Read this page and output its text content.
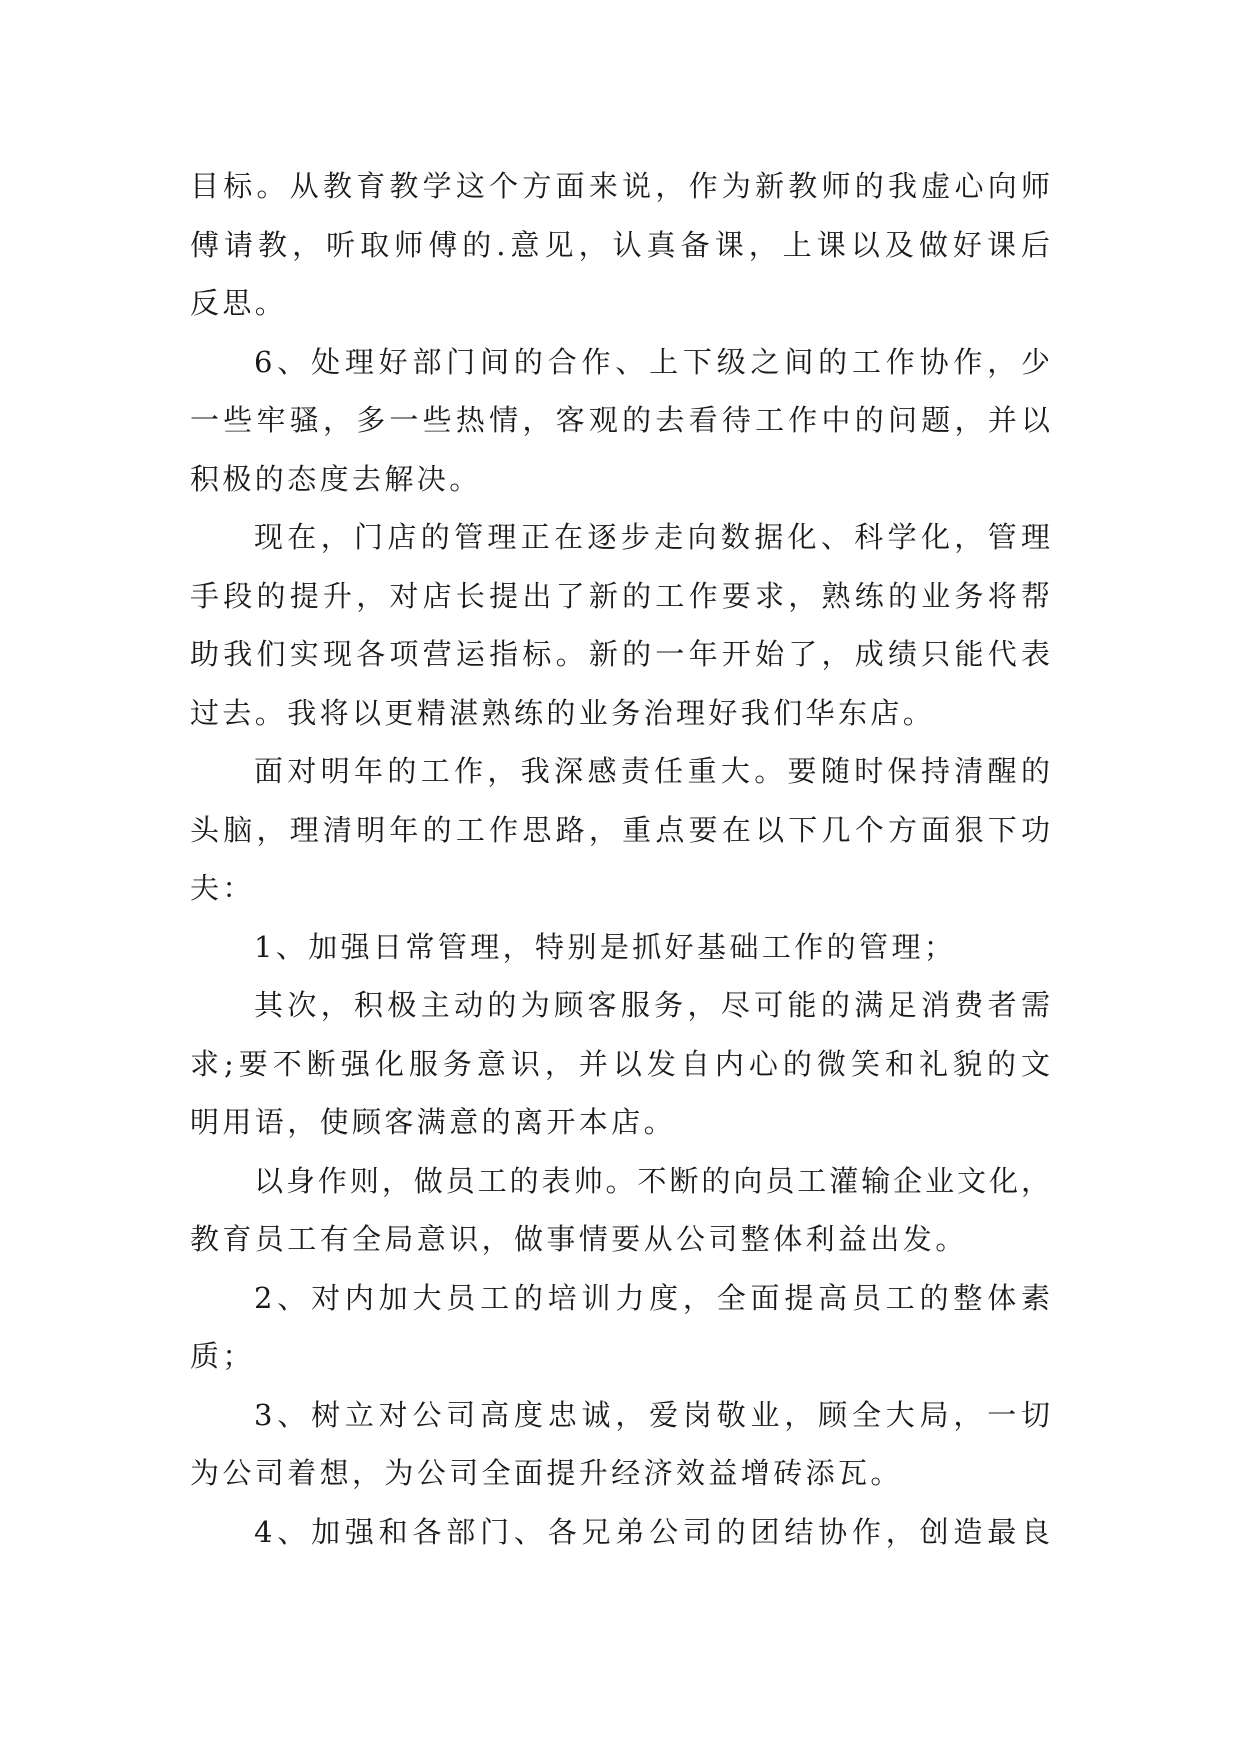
目标。从教育教学这个方面来说，作为新教师的我虚心向师
傅请教，听取师傅的.意见，认真备课，上课以及做好课后
反思。
6、处理好部门间的合作、上下级之间的工作协作，少
一些牢骚，多一些热情，客观的去看待工作中的问题，并以
积极的态度去解决。
现在，门店的管理正在逐步走向数据化、科学化，管理
手段的提升，对店长提出了新的工作要求，熟练的业务将帮
助我们实现各项营运指标。新的一年开始了，成绩只能代表
过去。我将以更精湛熟练的业务治理好我们华东店。
面对明年的工作，我深感责任重大。要随时保持清醒的
头脑，理清明年的工作思路，重点要在以下几个方面狠下功
夫：
1、加强日常管理，特别是抓好基础工作的管理；
其次，积极主动的为顾客服务，尽可能的满足消费者需
求;要不断强化服务意识，并以发自内心的微笑和礼貌的文
明用语，使顾客满意的离开本店。
以身作则，做员工的表帅。不断的向员工灌输企业文化，
教育员工有全局意识，做事情要从公司整体利益出发。
2、对内加大员工的培训力度，全面提高员工的整体素
质；
3、树立对公司高度忠诚，爱岗敬业，顾全大局，一切
为公司着想，为公司全面提升经济效益增砖添瓦。
4、加强和各部门、各兄弟公司的团结协作，创造最良
